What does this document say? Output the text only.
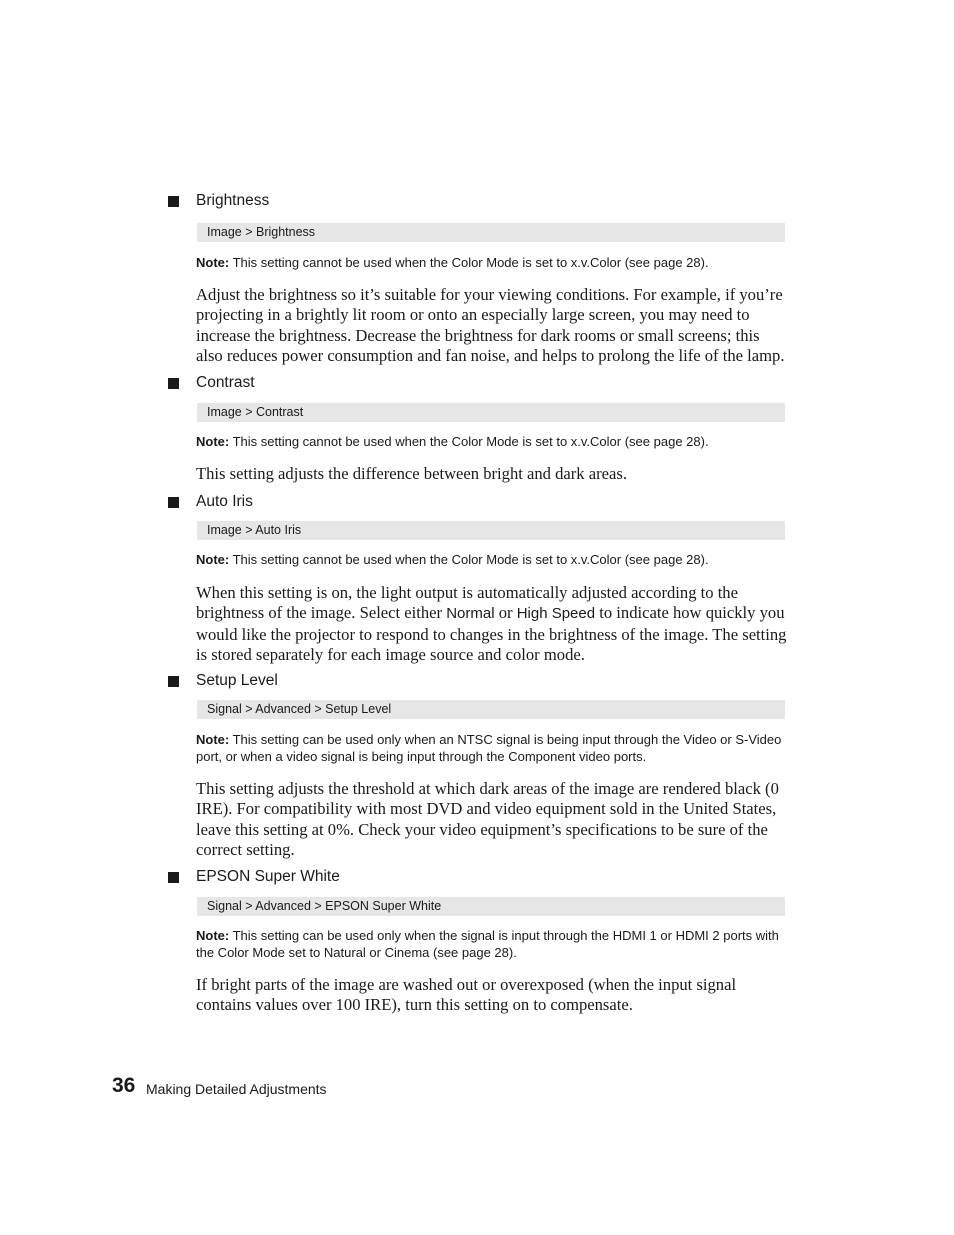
Brightness
Image > Brightness
Note: This setting cannot be used when the Color Mode is set to x.v.Color (see page 28).
Adjust the brightness so it’s suitable for your viewing conditions. For example, if you’re projecting in a brightly lit room or onto an especially large screen, you may need to increase the brightness. Decrease the brightness for dark rooms or small screens; this also reduces power consumption and fan noise, and helps to prolong the life of the lamp.
Contrast
Image > Contrast
Note: This setting cannot be used when the Color Mode is set to x.v.Color (see page 28).
This setting adjusts the difference between bright and dark areas.
Auto Iris
Image > Auto Iris
Note: This setting cannot be used when the Color Mode is set to x.v.Color (see page 28).
When this setting is on, the light output is automatically adjusted according to the brightness of the image. Select either Normal or High Speed to indicate how quickly you would like the projector to respond to changes in the brightness of the image. The setting is stored separately for each image source and color mode.
Setup Level
Signal > Advanced > Setup Level
Note: This setting can be used only when an NTSC signal is being input through the Video or S-Video port, or when a video signal is being input through the Component video ports.
This setting adjusts the threshold at which dark areas of the image are rendered black (0 IRE). For compatibility with most DVD and video equipment sold in the United States, leave this setting at 0%. Check your video equipment’s specifications to be sure of the correct setting.
EPSON Super White
Signal > Advanced > EPSON Super White
Note: This setting can be used only when the signal is input through the HDMI 1 or HDMI 2 ports with the Color Mode set to Natural or Cinema (see page 28).
If bright parts of the image are washed out or overexposed (when the input signal contains values over 100 IRE), turn this setting on to compensate.
36 Making Detailed Adjustments
